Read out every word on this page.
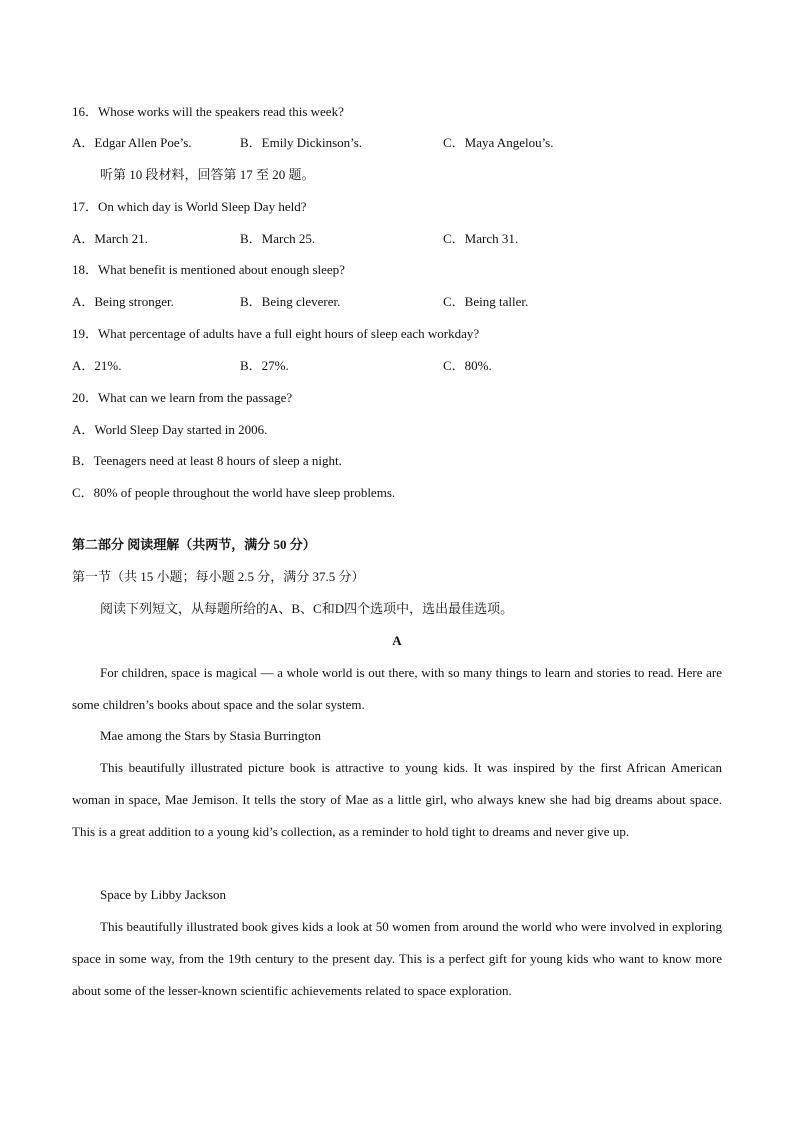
16．Whose works will the speakers read this week?
A．Edgar Allen Poe’s.	B．Emily Dickinson’s.	C．Maya Angelou’s.
听第 10 段材料，回答第 17 至 20 题。
17．On which day is World Sleep Day held?
A．March 21.	B．March 25.	C．March 31.
18．What benefit is mentioned about enough sleep?
A．Being stronger.	B．Being cleverer.	C．Being taller.
19．What percentage of adults have a full eight hours of sleep each workday?
A．21%.	B．27%.	C．80%.
20．What can we learn from the passage?
A．World Sleep Day started in 2006.
B．Teenagers need at least 8 hours of sleep a night.
C．80% of people throughout the world have sleep problems.
第二部分 阅读理解（共两节，满分 50 分）
第一节（共 15 小题；每小题 2.5 分，满分 37.5 分）
阅读下列短文，从每题所给的A、B、C和D四个选项中，选出最佳选项。
A

For children, space is magical — a whole world is out there, with so many things to learn and stories to read. Here are some children’s books about space and the solar system.

Mae among the Stars by Stasia Burrington

This beautifully illustrated picture book is attractive to young kids. It was inspired by the first African American woman in space, Mae Jemison. It tells the story of Mae as a little girl, who always knew she had big dreams about space. This is a great addition to a young kid’s collection, as a reminder to hold tight to dreams and never give up.

Space by Libby Jackson

This beautifully illustrated book gives kids a look at 50 women from around the world who were involved in exploring space in some way, from the 19th century to the present day. This is a perfect gift for young kids who want to know more about some of the lesser-known scientific achievements related to space exploration.
